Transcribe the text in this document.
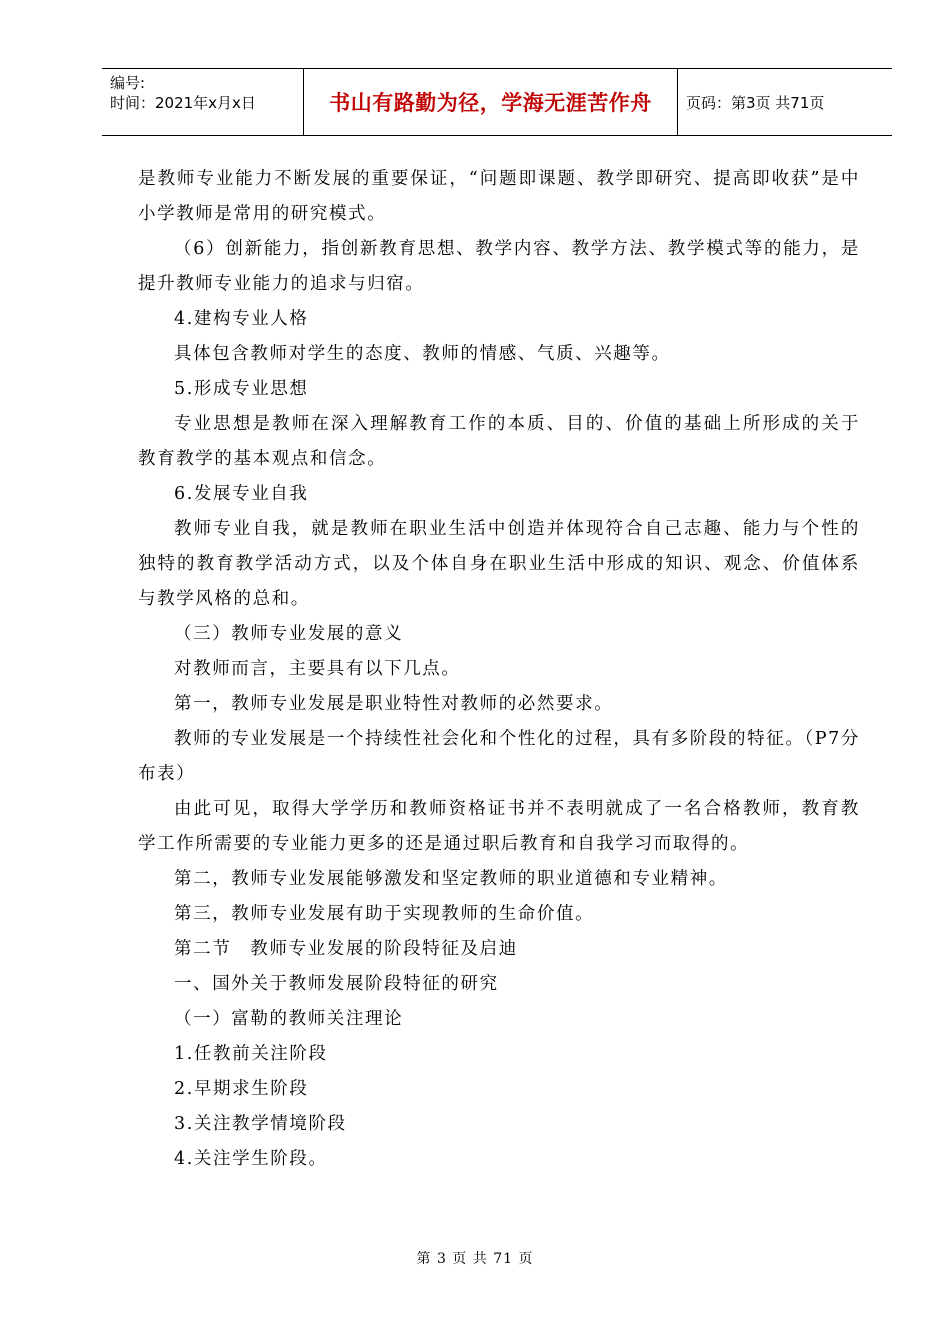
编号:
时间：2021年x月x日	书山有路勤为径，学海无涯苦作舟	页码：第3页 共71页

是教师专业能力不断发展的重要保证，“问题即课题、教学即研究、提高即收获”是中小学教师是常用的研究模式。

（6）创新能力，指创新教育思想、教学内容、教学方法、教学模式等的能力，是提升教师专业能力的追求与归宿。

4.建构专业人格

具体包含教师对学生的态度、教师的情感、气质、兴趣等。

5.形成专业思想

专业思想是教师在深入理解教育工作的本质、目的、价值的基础上所形成的关于教育教学的基本观点和信念。

6.发展专业自我

教师专业自我，就是教师在职业生活中创造并体现符合自己志趣、能力与个性的独特的教育教学活动方式，以及个体自身在职业生活中形成的知识、观念、价值体系与教学风格的总和。

（三）教师专业发展的意义

对教师而言，主要具有以下几点。

第一，教师专业发展是职业特性对教师的必然要求。

教师的专业发展是一个持续性社会化和个性化的过程，具有多阶段的特征。（P7分布表）

由此可见，取得大学学历和教师资格证书并不表明就成了一名合格教师，教育教学工作所需要的专业能力更多的还是通过职后教育和自我学习而取得的。

第二，教师专业发展能够激发和坚定教师的职业道德和专业精神。

第三，教师专业发展有助于实现教师的生命价值。

第二节　教师专业发展的阶段特征及启迪

一、国外关于教师发展阶段特征的研究

（一）富勒的教师关注理论

1.任教前关注阶段

2.早期求生阶段

3.关注教学情境阶段

4.关注学生阶段。

第 3 页 共 71 页
